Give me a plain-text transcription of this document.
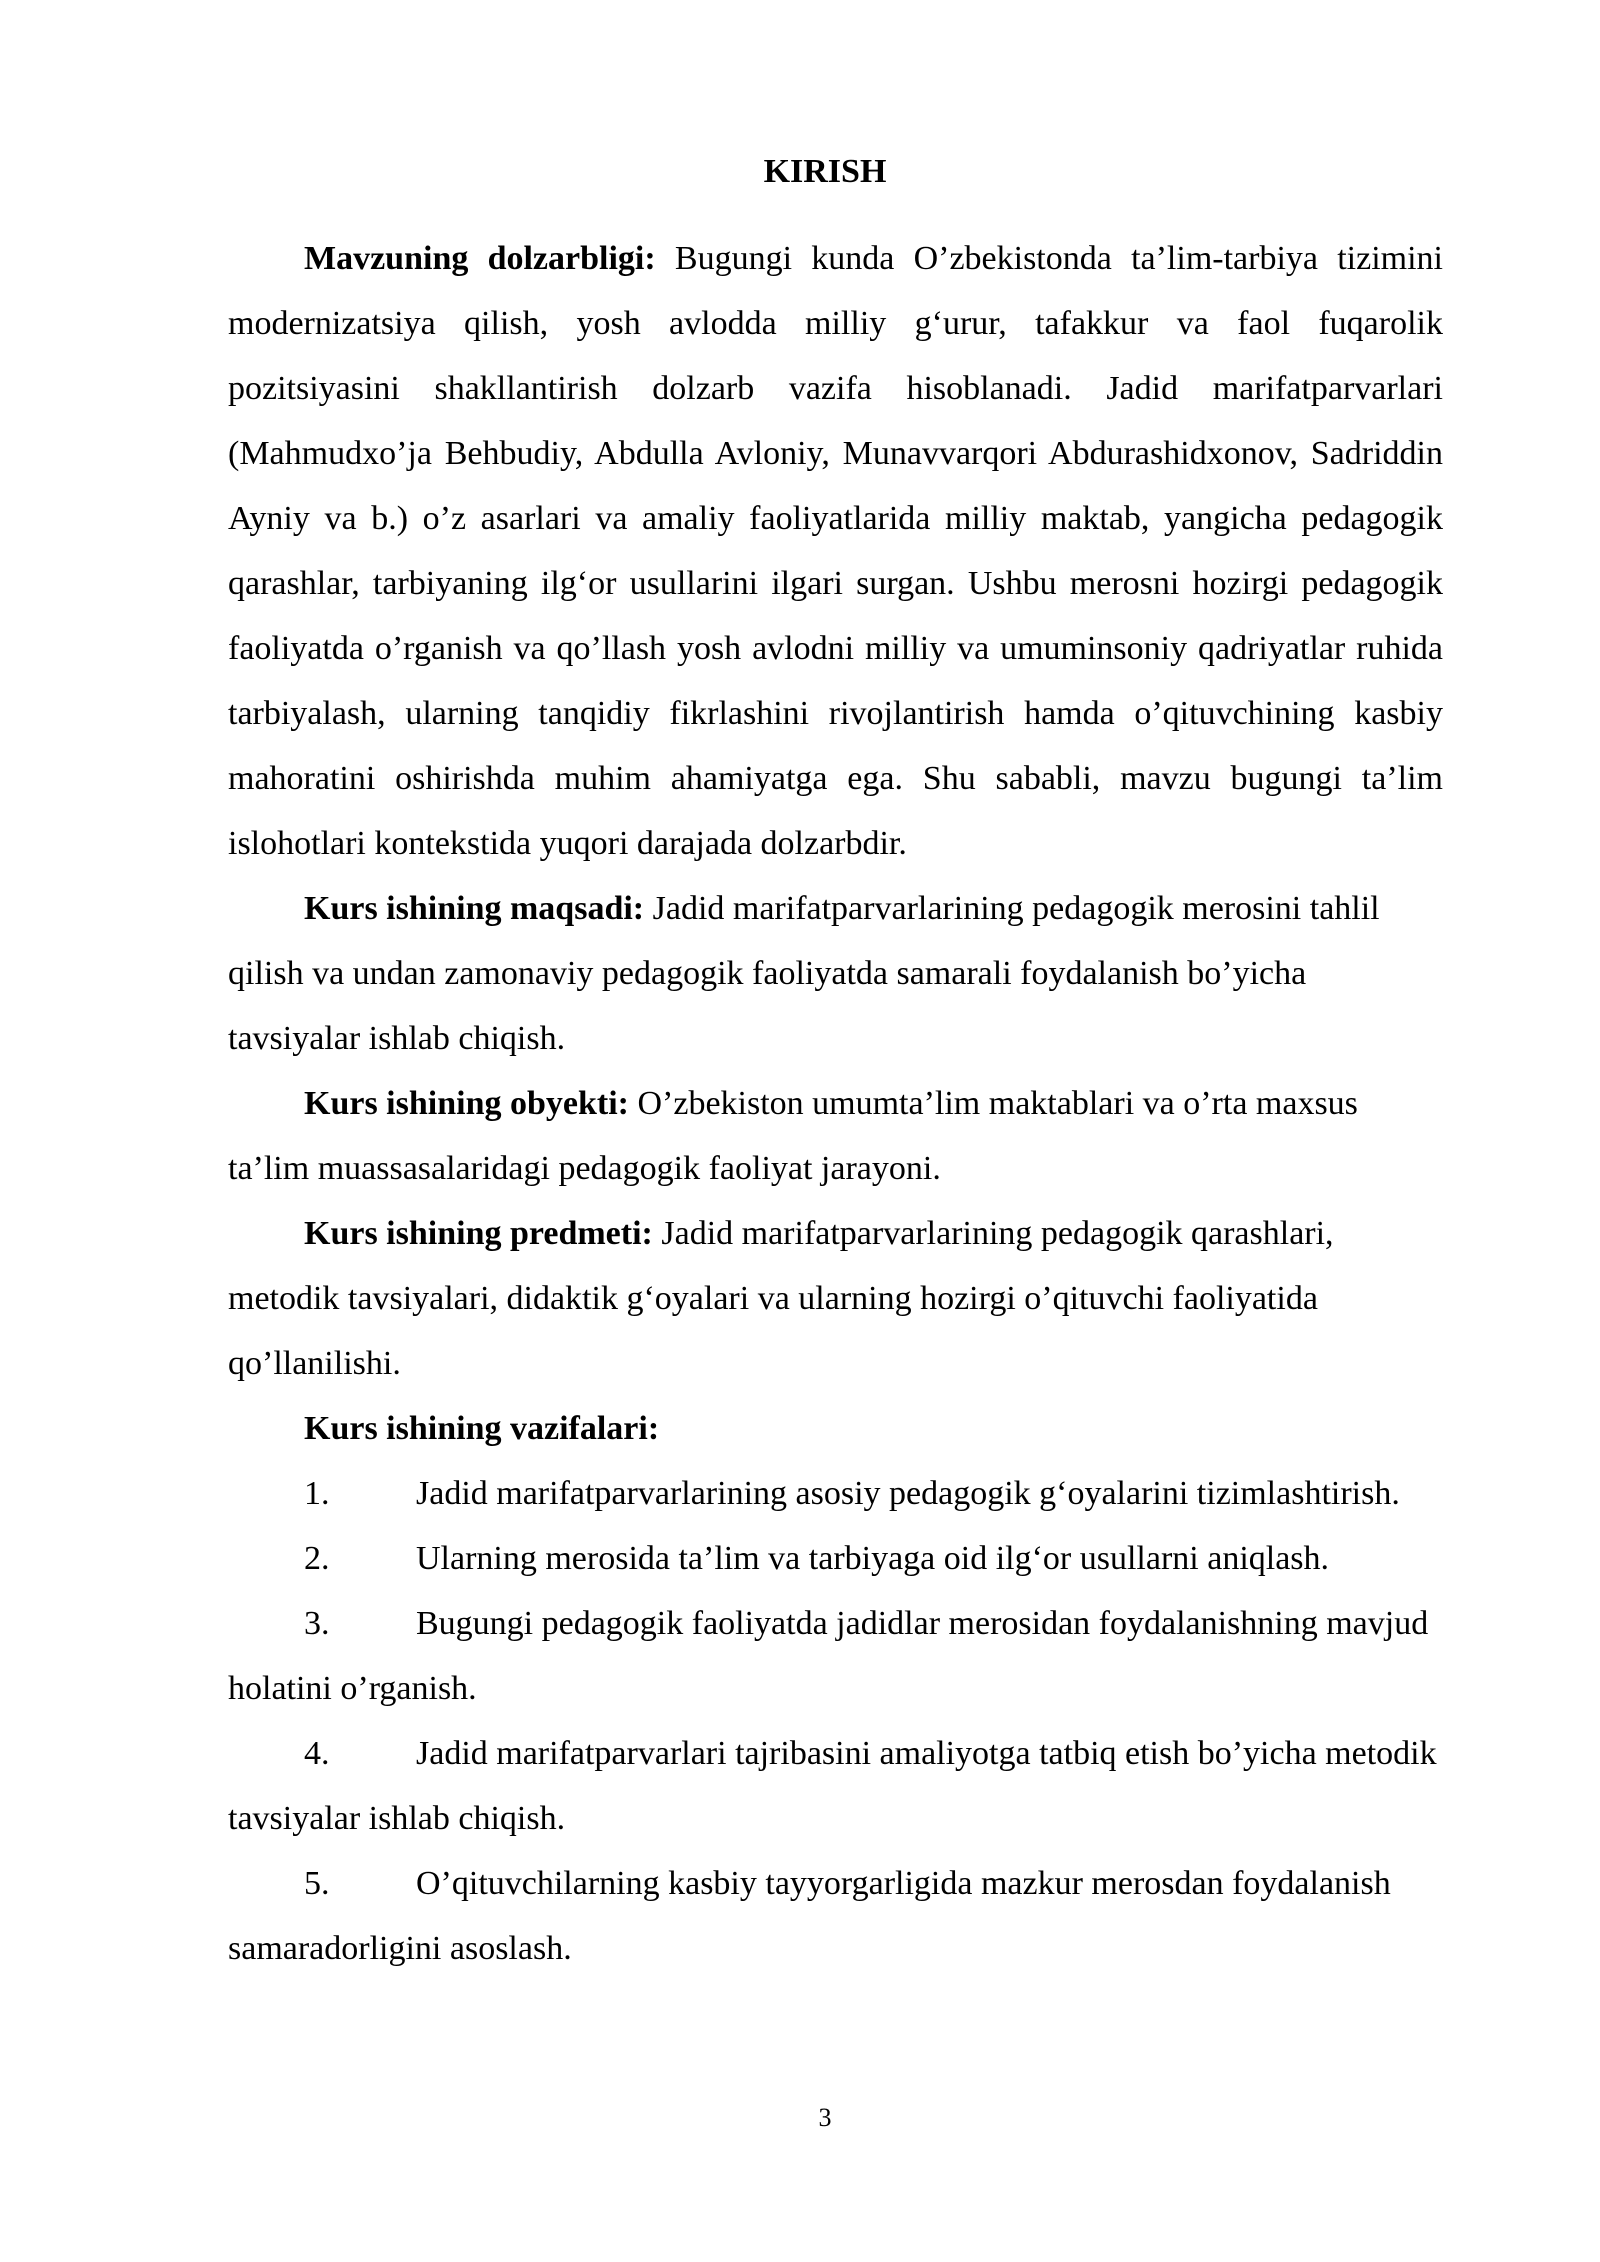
KIRISH

Mavzuning dolzarbligi: Bugungi kunda O’zbekistonda ta’lim-tarbiya tizimini modernizatsiya qilish, yosh avlodda milliy g‘urur, tafakkur va faol fuqarolik pozitsiyasini shakllantirish dolzarb vazifa hisoblanadi. Jadid marifatparvarlari (Mahmudxo’ja Behbudiy, Abdulla Avloniy, Munavvarqori Abdurashidxonov, Sadriddin Ayniy va b.) o’z asarlari va amaliy faoliyatlarida milliy maktab, yangicha pedagogik qarashlar, tarbiyaning ilg‘or usullarini ilgari surgan. Ushbu merosni hozirgi pedagogik faoliyatda o’rganish va qo’llash yosh avlodni milliy va umuminsoniy qadriyatlar ruhida tarbiyalash, ularning tanqidiy fikrlashini rivojlantirish hamda o’qituvchining kasbiy mahoratini oshirishda muhim ahamiyatga ega. Shu sababli, mavzu bugungi ta’lim islohotlari kontekstida yuqori darajada dolzarbdir.

Kurs ishining maqsadi: Jadid marifatparvarlarining pedagogik merosini tahlil qilish va undan zamonaviy pedagogik faoliyatda samarali foydalanish bo’yicha tavsiyalar ishlab chiqish.

Kurs ishining obyekti: O’zbekiston umumta’lim maktablari va o’rta maxsus ta’lim muassasalaridagi pedagogik faoliyat jarayoni.

Kurs ishining predmeti: Jadid marifatparvarlarining pedagogik qarashlari, metodik tavsiyalari, didaktik g‘oyalari va ularning hozirgi o’qituvchi faoliyatida qo’llanilishi.

Kurs ishining vazifalari:

1.	Jadid marifatparvarlarining asosiy pedagogik g‘oyalarini tizimlashtirish.

2.	Ularning merosida ta’lim va tarbiyaga oid ilg‘or usullarni aniqlash.

3.	Bugungi pedagogik faoliyatda jadidlar merosidan foydalanishning mavjud holatini o’rganish.

4.	Jadid marifatparvarlari tajribasini amaliyotga tatbiq etish bo’yicha metodik tavsiyalar ishlab chiqish.

5.	O’qituvchilarning kasbiy tayyorgarligida mazkur merosdan foydalanish samaradorligini asoslash.

3
